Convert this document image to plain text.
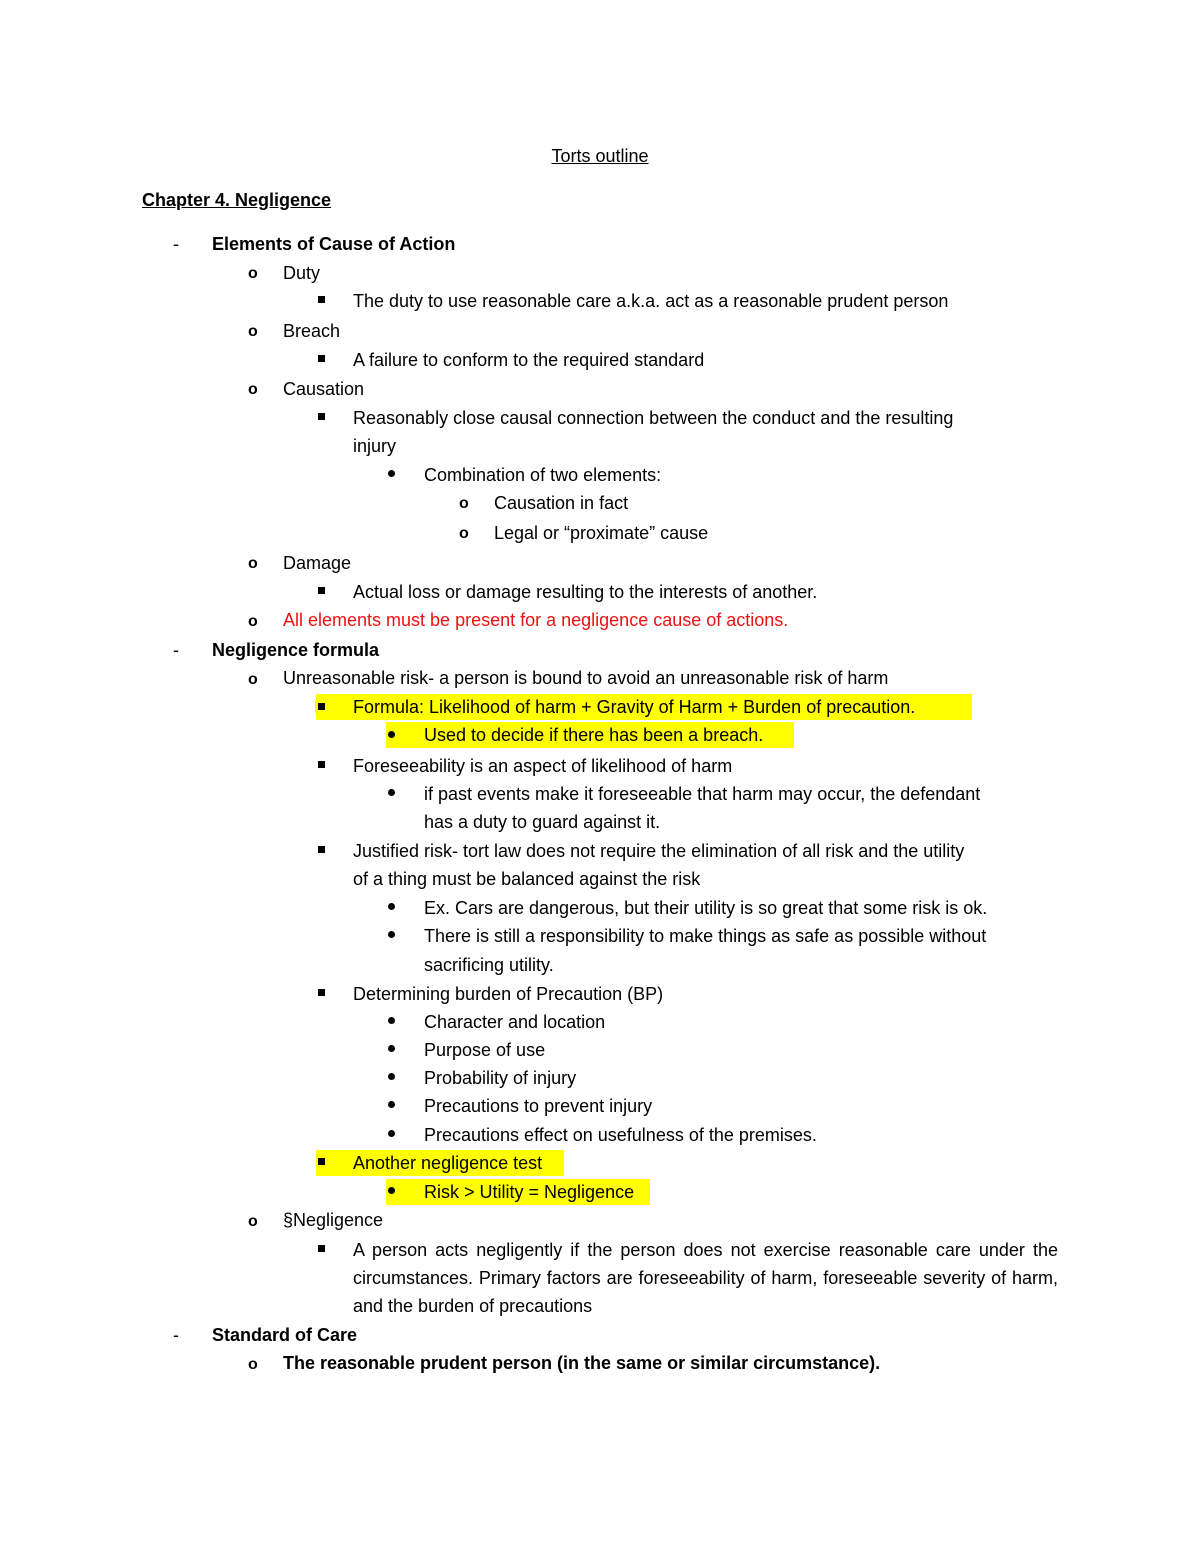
Torts outline
Chapter 4. Negligence
- Elements of Cause of Action
o Duty
The duty to use reasonable care a.k.a. act as a reasonable prudent person
o Breach
A failure to conform to the required standard
o Causation
Reasonably close causal connection between the conduct and the resulting
injury
Combination of two elements:
o Causation in fact
o Legal or “proximate” cause
o Damage
Actual loss or damage resulting to the interests of another.
o All elements must be present for a negligence cause of actions.
- Negligence formula
o Unreasonable risk- a person is bound to avoid an unreasonable risk of harm
Formula: Likelihood of harm + Gravity of Harm + Burden of precaution.
Used to decide if there has been a breach.
Foreseeability is an aspect of likelihood of harm
if past events make it foreseeable that harm may occur, the defendant
has a duty to guard against it.
Justified risk- tort law does not require the elimination of all risk and the utility
of a thing must be balanced against the risk
Ex. Cars are dangerous, but their utility is so great that some risk is ok.
There is still a responsibility to make things as safe as possible without
sacrificing utility.
Determining burden of Precaution (BP)
Character and location
Purpose of use
Probability of injury
Precautions to prevent injury
Precautions effect on usefulness of the premises.
Another negligence test
Risk > Utility = Negligence
o §Negligence
A person acts negligently if the person does not exercise reasonable care under the circumstances. Primary factors are foreseeability of harm, foreseeable severity of harm, and the burden of precautions
- Standard of Care
o The reasonable prudent person (in the same or similar circumstance).
